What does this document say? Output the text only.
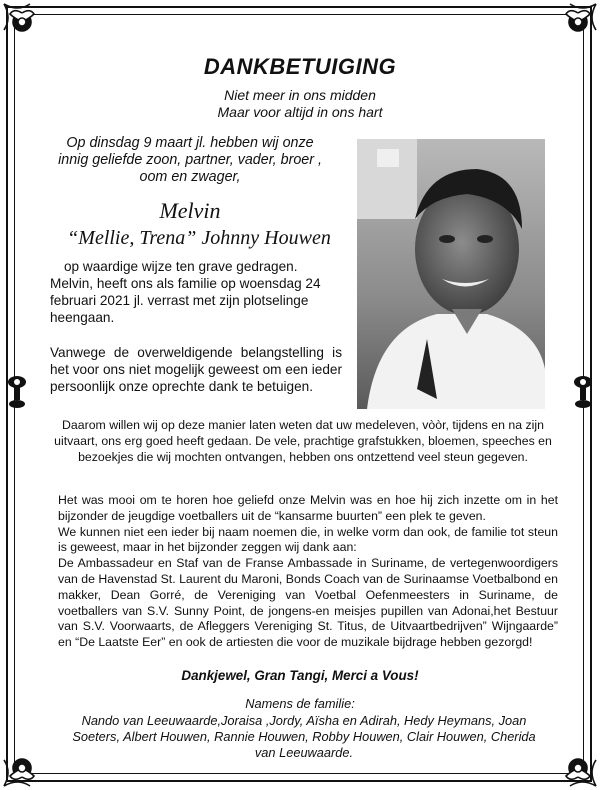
DANKBETUIGING
Niet meer in ons midden
Maar voor altijd in ons hart
Op dinsdag 9 maart jl. hebben wij onze innig geliefde zoon, partner, vader, broer , oom en zwager,
Melvin
“Mellie, Trena” Johnny Houwen
op waardige wijze ten grave gedragen. Melvin, heeft ons als familie op woensdag 24 februari 2021 jl. verrast met zijn plotselinge heengaan.
Vanwege de overweldigende belangstelling is het voor ons niet mogelijk geweest om een ieder persoonlijk onze oprechte dank te betuigen.
Daarom willen wij op deze manier laten weten dat uw medeleven, vòòr, tijdens en na zijn uitvaart, ons erg goed heeft gedaan. De vele, prachtige grafstukken, bloemen, speeches en bezoekjes die wij mochten ontvangen, hebben ons ontzettend veel steun gegeven.
Het was mooi om te horen hoe geliefd onze Melvin was en hoe hij zich inzette om in het bijzonder de jeugdige voetballers uit de “kansarme buurten” een plek te geven.
We kunnen niet een ieder bij naam noemen die, in welke vorm dan ook, de familie tot steun is geweest, maar in het bijzonder zeggen wij dank aan:
De Ambassadeur en Staf van de Franse Ambassade in Suriname, de vertegenwoordigers van de Havenstad St. Laurent du Maroni, Bonds Coach van de Surinaamse Voetbalbond en makker, Dean Gorré, de Vereniging van Voetbal Oefenmeesters in Suriname, de voetballers van S.V. Sunny Point, de jongens-en meisjes pupillen van Adonai,het Bestuur van S.V. Voorwaarts, de Afleggers Vereniging St. Titus, de Uitvaartbedrijven” Wijngaarde” en “De Laatste Eer” en ook de artiesten die voor de muzikale bijdrage hebben gezorgd!
Dankjewel, Gran Tangi, Merci a Vous!
Namens de familie:
Nando van Leeuwaarde,Joraisa ,Jordy, Aïsha en Adirah, Hedy Heymans, Joan Soeters, Albert Houwen, Rannie Houwen, Robby Houwen, Clair Houwen, Cherida van Leeuwaarde.
